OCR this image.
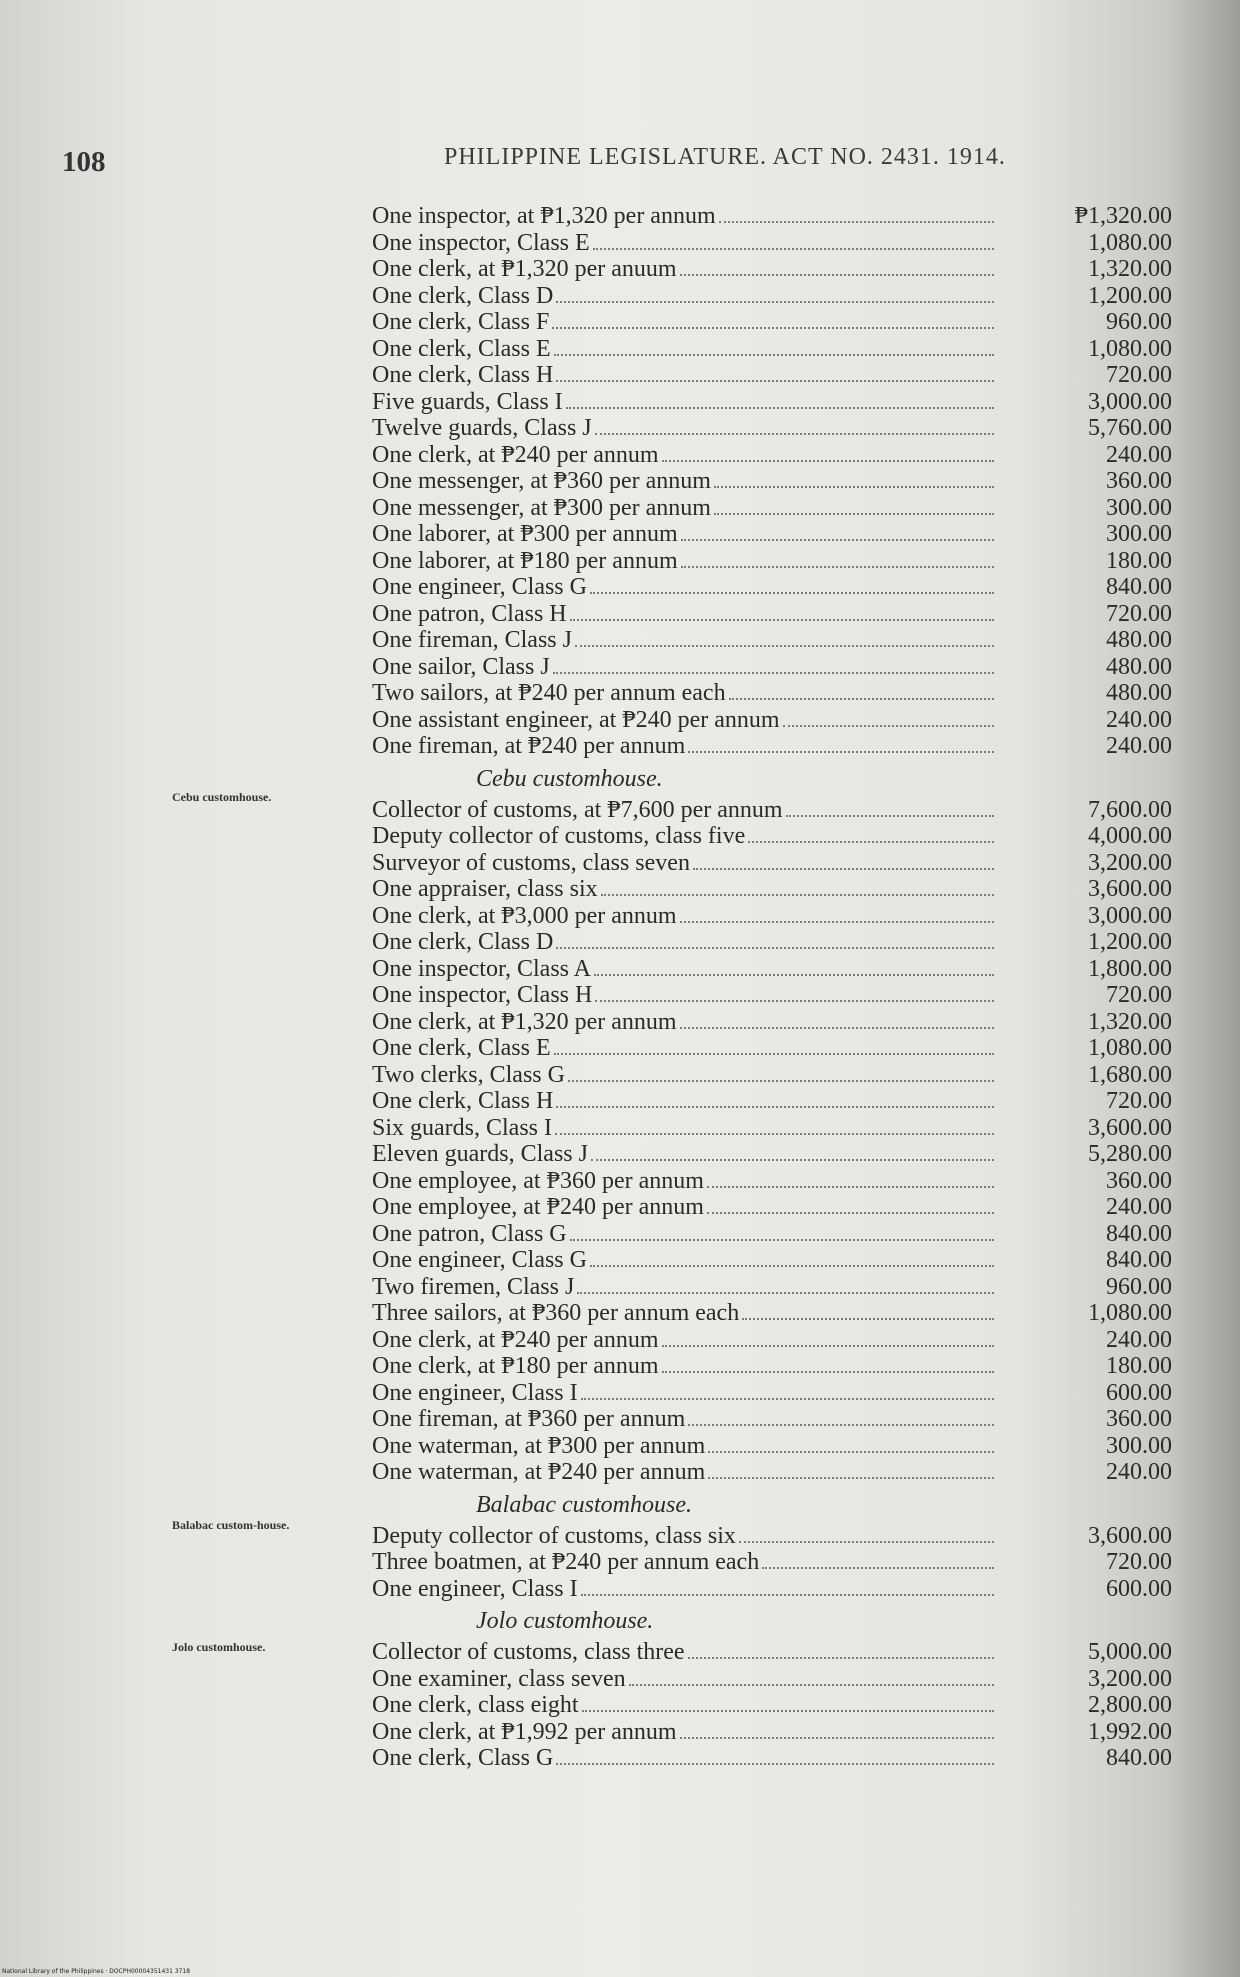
108	PHILIPPINE LEGISLATURE. ACT NO. 2431. 1914.
Cebu customhouse.
Balabac custom-house.
Jolo customhouse.
One inspector, at ₱1,320 per annum	₱1,320.00
One inspector, Class E	1,080.00
One clerk, at ₱1,320 per anuum	1,320.00
One clerk, Class D	1,200.00
One clerk, Class F	960.00
One clerk, Class E	1,080.00
One clerk, Class H	720.00
Five guards, Class I	3,000.00
Twelve guards, Class J	5,760.00
One clerk, at ₱240 per annum	240.00
One messenger, at ₱360 per annum	360.00
One messenger, at ₱300 per annum	300.00
One laborer, at ₱300 per annum	300.00
One laborer, at ₱180 per annum	180.00
One engineer, Class G	840.00
One patron, Class H	720.00
One fireman, Class J	480.00
One sailor, Class J	480.00
Two sailors, at ₱240 per annum each	480.00
One assistant engineer, at ₱240 per annum	240.00
One fireman, at ₱240 per annum	240.00
Cebu customhouse.
Collector of customs, at ₱7,600 per annum	7,600.00
Deputy collector of customs, class five	4,000.00
Surveyor of customs, class seven	3,200.00
One appraiser, class six	3,600.00
One clerk, at ₱3,000 per annum	3,000.00
One clerk, Class D	1,200.00
One inspector, Class A	1,800.00
One inspector, Class H	720.00
One clerk, at ₱1,320 per annum	1,320.00
One clerk, Class E	1,080.00
Two clerks, Class G	1,680.00
One clerk, Class H	720.00
Six guards, Class I	3,600.00
Eleven guards, Class J	5,280.00
One employee, at ₱360 per annum	360.00
One employee, at ₱240 per annum	240.00
One patron, Class G	840.00
One engineer, Class G	840.00
Two firemen, Class J	960.00
Three sailors, at ₱360 per annum each	1,080.00
One clerk, at ₱240 per annum	240.00
One clerk, at ₱180 per annum	180.00
One engineer, Class I	600.00
One fireman, at ₱360 per annum	360.00
One waterman, at ₱300 per annum	300.00
One waterman, at ₱240 per annum	240.00
Balabac customhouse.
Deputy collector of customs, class six	3,600.00
Three boatmen, at ₱240 per annum each	720.00
One engineer, Class I	600.00
Jolo customhouse.
Collector of customs, class three	5,000.00
One examiner, class seven	3,200.00
One clerk, class eight	2,800.00
One clerk, at ₱1,992 per annum	1,992.00
One clerk, Class G	840.00
National Library of the Philippines · DOCPH00004351431 3718
